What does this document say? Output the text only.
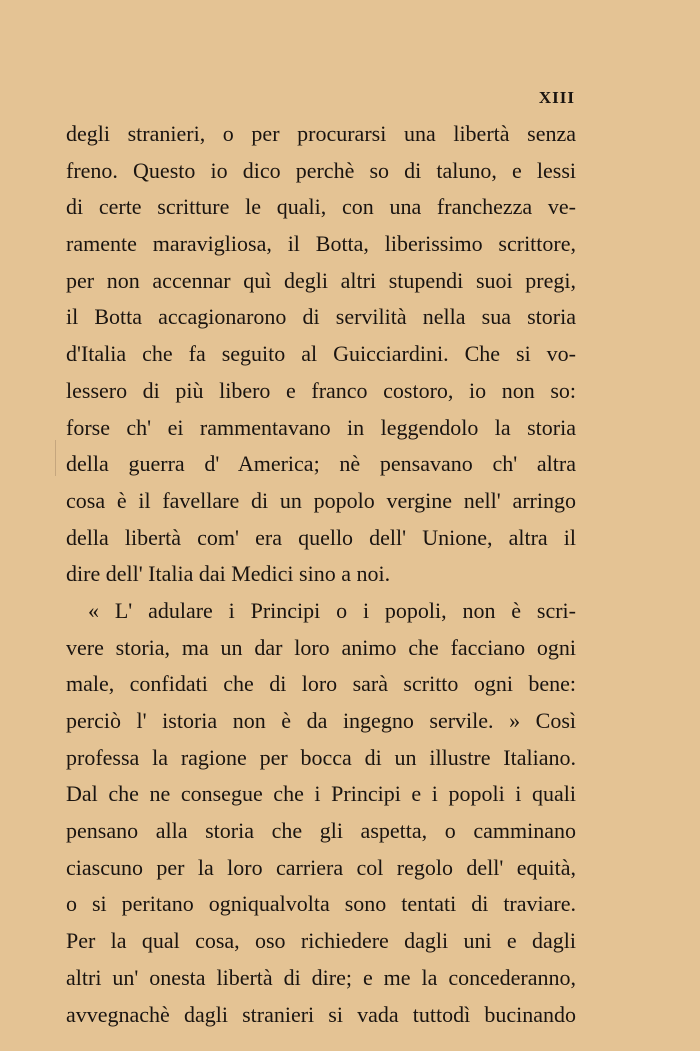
XIII
degli stranieri, o per procurarsi una libertà senza
freno. Questo io dico perchè so di taluno, e lessi
di certe scritture le quali, con una franchezza ve-
ramente maravigliosa, il Botta, liberissimo scrittore,
per non accennar quì degli altri stupendi suoi pregi,
il Botta accagionarono di servilità nella sua storia
d'Italia che fa seguito al Guicciardini. Che si vo-
lessero di più libero e franco costoro, io non so:
forse ch' ei rammentavano in leggendolo la storia
della guerra d' America; nè pensavano ch' altra
cosa è il favellare di un popolo vergine nell' arringo
della libertà com' era quello dell' Unione, altra il
dire dell' Italia dai Medici sino a noi.
« L' adulare i Principi o i popoli, non è scri-
vere storia, ma un dar loro animo che facciano ogni
male, confidati che di loro sarà scritto ogni bene:
perciò l' istoria non è da ingegno servile. » Così
professa la ragione per bocca di un illustre Italiano.
Dal che ne consegue che i Principi e i popoli i quali
pensano alla storia che gli aspetta, o camminano
ciascuno per la loro carriera col regolo dell' equità,
o si peritano ogniqualvolta sono tentati di traviare.
Per la qual cosa, oso richiedere dagli uni e dagli
altri un' onesta libertà di dire; e me la concederanno,
avvegnachè dagli stranieri si vada tuttodì bucinando
